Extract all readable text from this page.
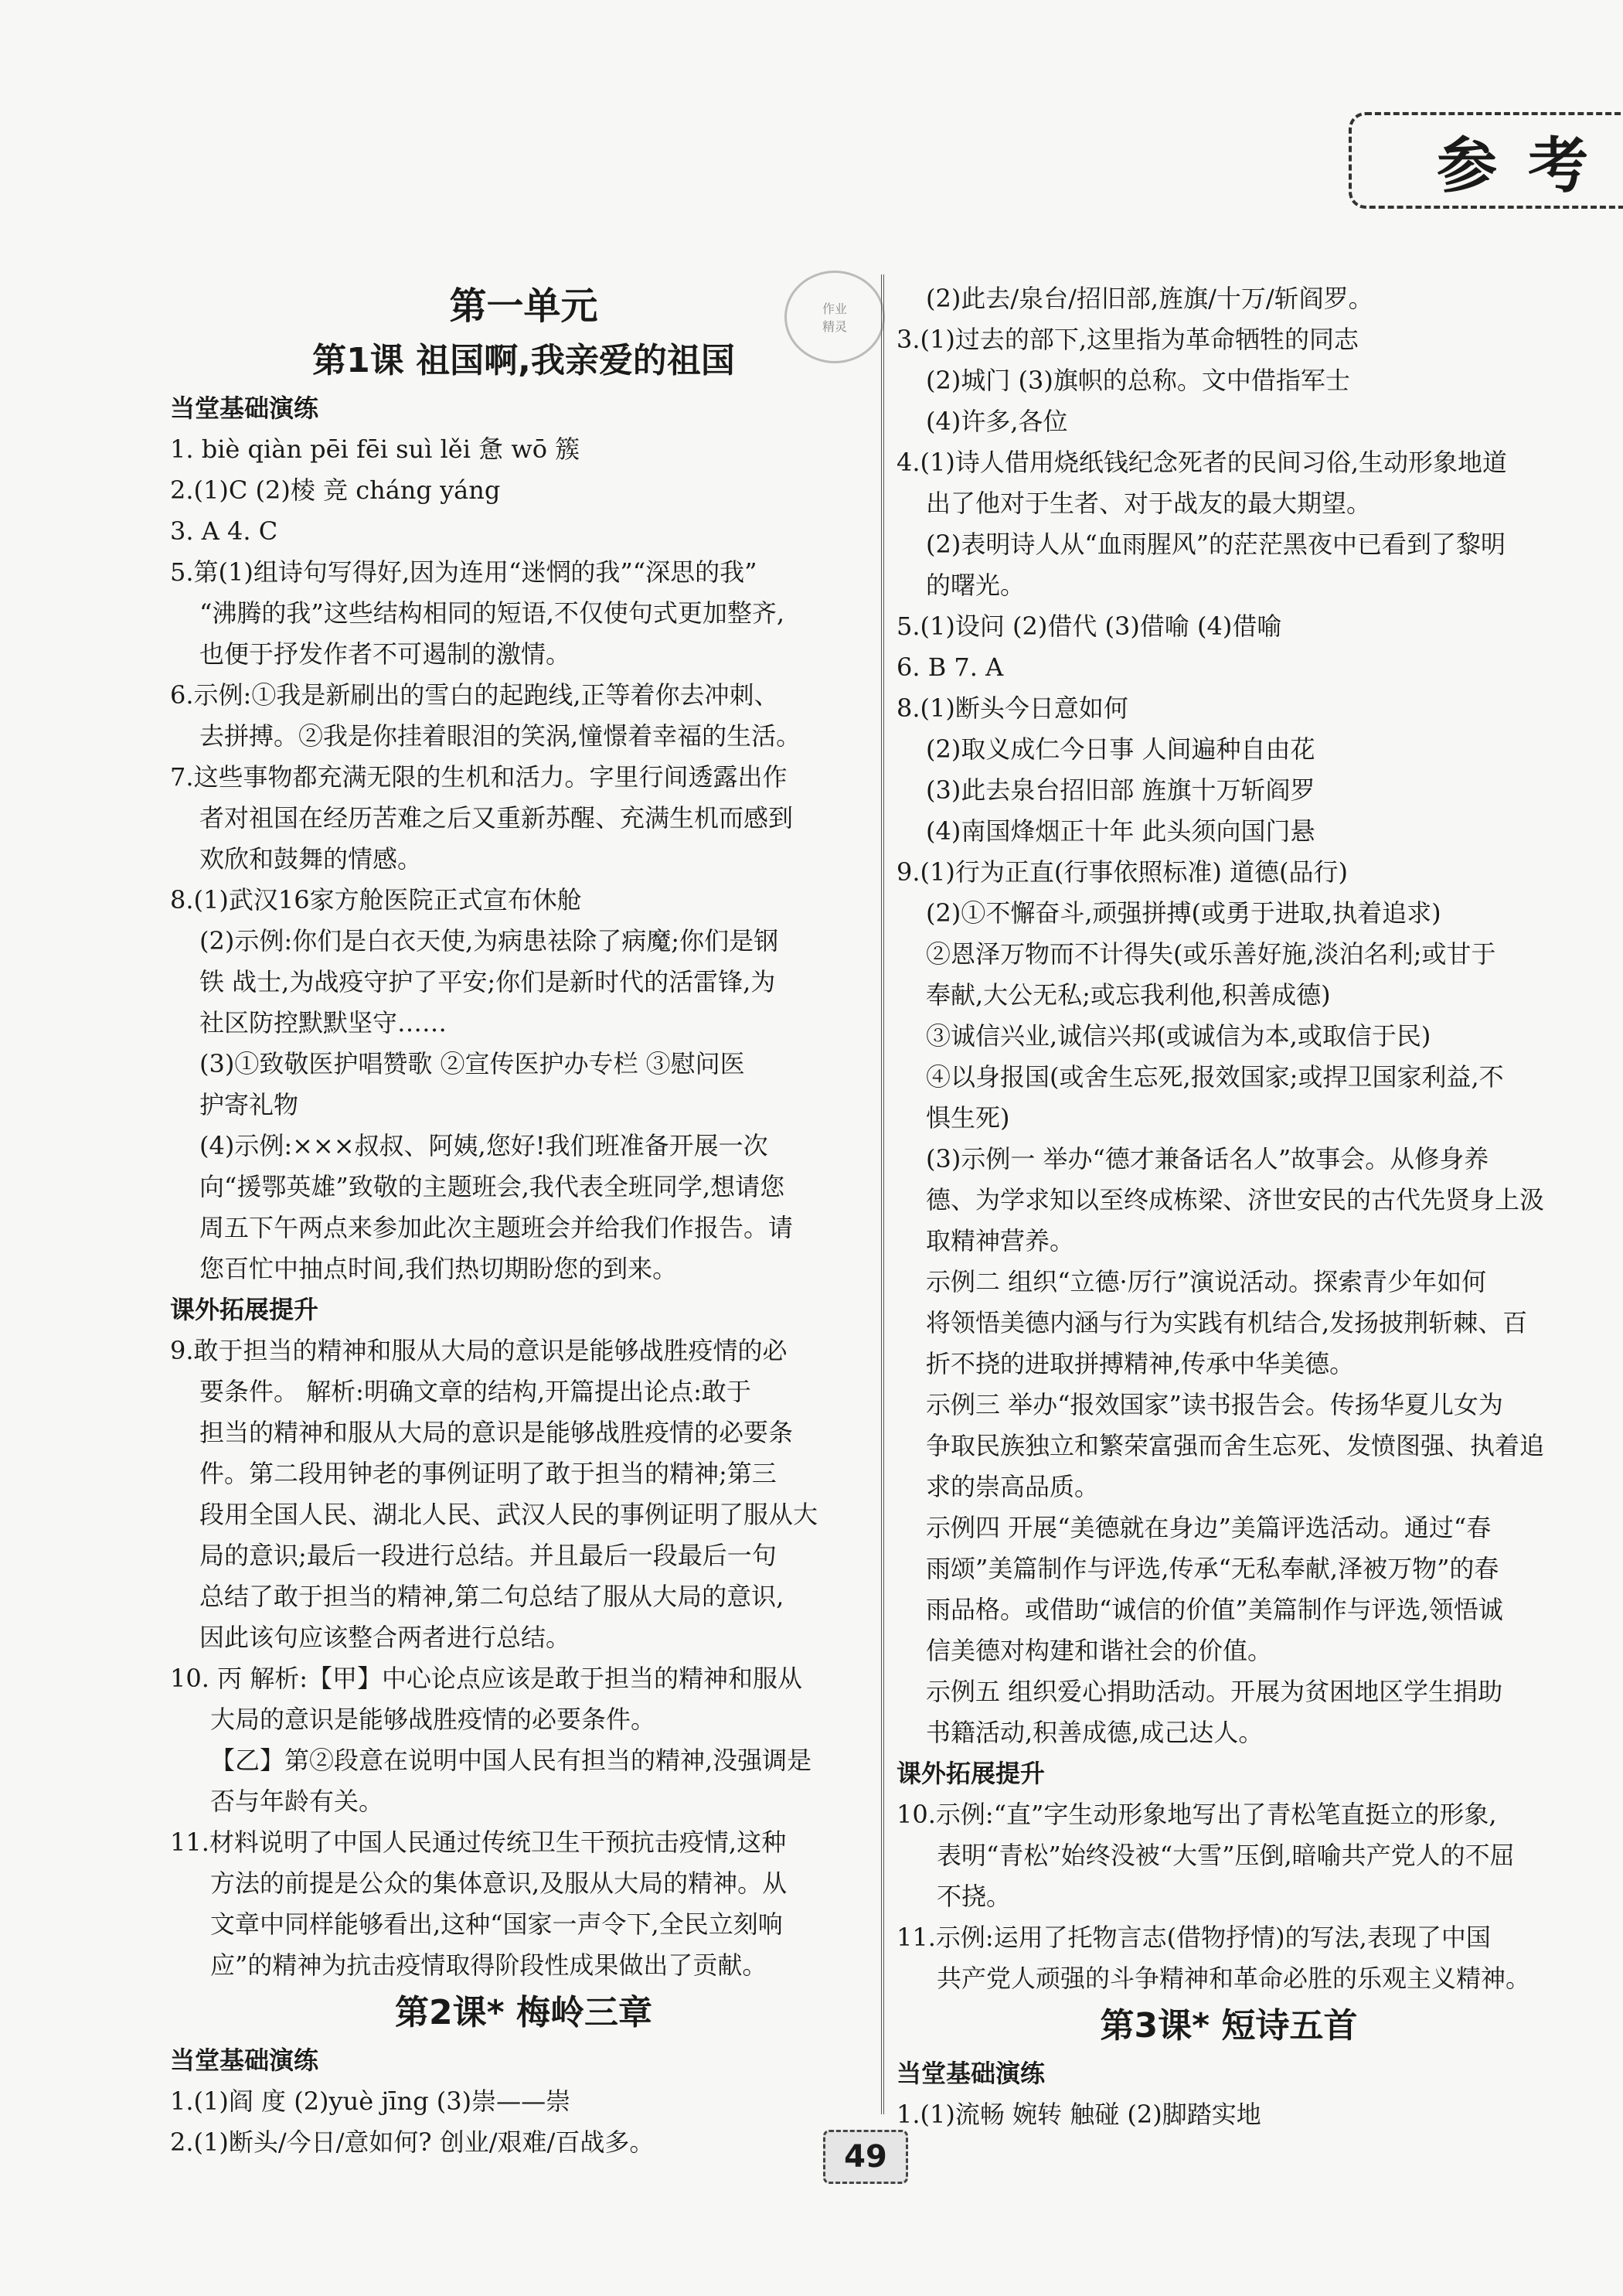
参考
作业
精灵
第一单元
第1课 祖国啊,我亲爱的祖国
当堂基础演练
1. biè qiàn pēi fēi suì lěi 惫 wō 簇
2.(1)C (2)棱 竞 cháng yáng
3. A 4. C
5.第(1)组诗句写得好,因为连用“迷惘的我”“深思的我”
“沸腾的我”这些结构相同的短语,不仅使句式更加整齐,
也便于抒发作者不可遏制的激情。
6.示例:①我是新刷出的雪白的起跑线,正等着你去冲刺、
去拼搏。②我是你挂着眼泪的笑涡,憧憬着幸福的生活。
7.这些事物都充满无限的生机和活力。字里行间透露出作
者对祖国在经历苦难之后又重新苏醒、充满生机而感到
欢欣和鼓舞的情感。
8.(1)武汉16家方舱医院正式宣布休舱
(2)示例:你们是白衣天使,为病患祛除了病魔;你们是钢
铁 战士,为战疫守护了平安;你们是新时代的活雷锋,为
社区防控默默坚守……
(3)①致敬医护唱赞歌 ②宣传医护办专栏 ③慰问医
护寄礼物
(4)示例:×××叔叔、阿姨,您好!我们班准备开展一次
向“援鄂英雄”致敬的主题班会,我代表全班同学,想请您
周五下午两点来参加此次主题班会并给我们作报告。请
您百忙中抽点时间,我们热切期盼您的到来。
课外拓展提升
9.敢于担当的精神和服从大局的意识是能够战胜疫情的必
要条件。 解析:明确文章的结构,开篇提出论点:敢于
担当的精神和服从大局的意识是能够战胜疫情的必要条
件。第二段用钟老的事例证明了敢于担当的精神;第三
段用全国人民、湖北人民、武汉人民的事例证明了服从大
局的意识;最后一段进行总结。并且最后一段最后一句
总结了敢于担当的精神,第二句总结了服从大局的意识,
因此该句应该整合两者进行总结。
10. 丙 解析:【甲】中心论点应该是敢于担当的精神和服从
大局的意识是能够战胜疫情的必要条件。
【乙】第②段意在说明中国人民有担当的精神,没强调是
否与年龄有关。
11.材料说明了中国人民通过传统卫生干预抗击疫情,这种
方法的前提是公众的集体意识,及服从大局的精神。从
文章中同样能够看出,这种“国家一声令下,全民立刻响
应”的精神为抗击疫情取得阶段性成果做出了贡献。
第2课* 梅岭三章
当堂基础演练
1.(1)阎 度 (2)yuè jīng (3)崇——崇
2.(1)断头/今日/意如何? 创业/艰难/百战多。
(2)此去/泉台/招旧部,旌旗/十万/斩阎罗。
3.(1)过去的部下,这里指为革命牺牲的同志
(2)城门 (3)旗帜的总称。文中借指军士
(4)许多,各位
4.(1)诗人借用烧纸钱纪念死者的民间习俗,生动形象地道
出了他对于生者、对于战友的最大期望。
(2)表明诗人从“血雨腥风”的茫茫黑夜中已看到了黎明
的曙光。
5.(1)设问 (2)借代 (3)借喻 (4)借喻
6. B 7. A
8.(1)断头今日意如何
(2)取义成仁今日事 人间遍种自由花
(3)此去泉台招旧部 旌旗十万斩阎罗
(4)南国烽烟正十年 此头须向国门悬
9.(1)行为正直(行事依照标准) 道德(品行)
(2)①不懈奋斗,顽强拼搏(或勇于进取,执着追求)
②恩泽万物而不计得失(或乐善好施,淡泊名利;或甘于
奉献,大公无私;或忘我利他,积善成德)
③诚信兴业,诚信兴邦(或诚信为本,或取信于民)
④以身报国(或舍生忘死,报效国家;或捍卫国家利益,不
惧生死)
(3)示例一 举办“德才兼备话名人”故事会。从修身养
德、为学求知以至终成栋梁、济世安民的古代先贤身上汲
取精神营养。
示例二 组织“立德·厉行”演说活动。探索青少年如何
将领悟美德内涵与行为实践有机结合,发扬披荆斩棘、百
折不挠的进取拼搏精神,传承中华美德。
示例三 举办“报效国家”读书报告会。传扬华夏儿女为
争取民族独立和繁荣富强而舍生忘死、发愤图强、执着追
求的崇高品质。
示例四 开展“美德就在身边”美篇评选活动。通过“春
雨颂”美篇制作与评选,传承“无私奉献,泽被万物”的春
雨品格。或借助“诚信的价值”美篇制作与评选,领悟诚
信美德对构建和谐社会的价值。
示例五 组织爱心捐助活动。开展为贫困地区学生捐助
书籍活动,积善成德,成己达人。
课外拓展提升
10.示例:“直”字生动形象地写出了青松笔直挺立的形象,
表明“青松”始终没被“大雪”压倒,暗喻共产党人的不屈
不挠。
11.示例:运用了托物言志(借物抒情)的写法,表现了中国
共产党人顽强的斗争精神和革命必胜的乐观主义精神。
第3课* 短诗五首
当堂基础演练
1.(1)流畅 婉转 触碰 (2)脚踏实地
49
